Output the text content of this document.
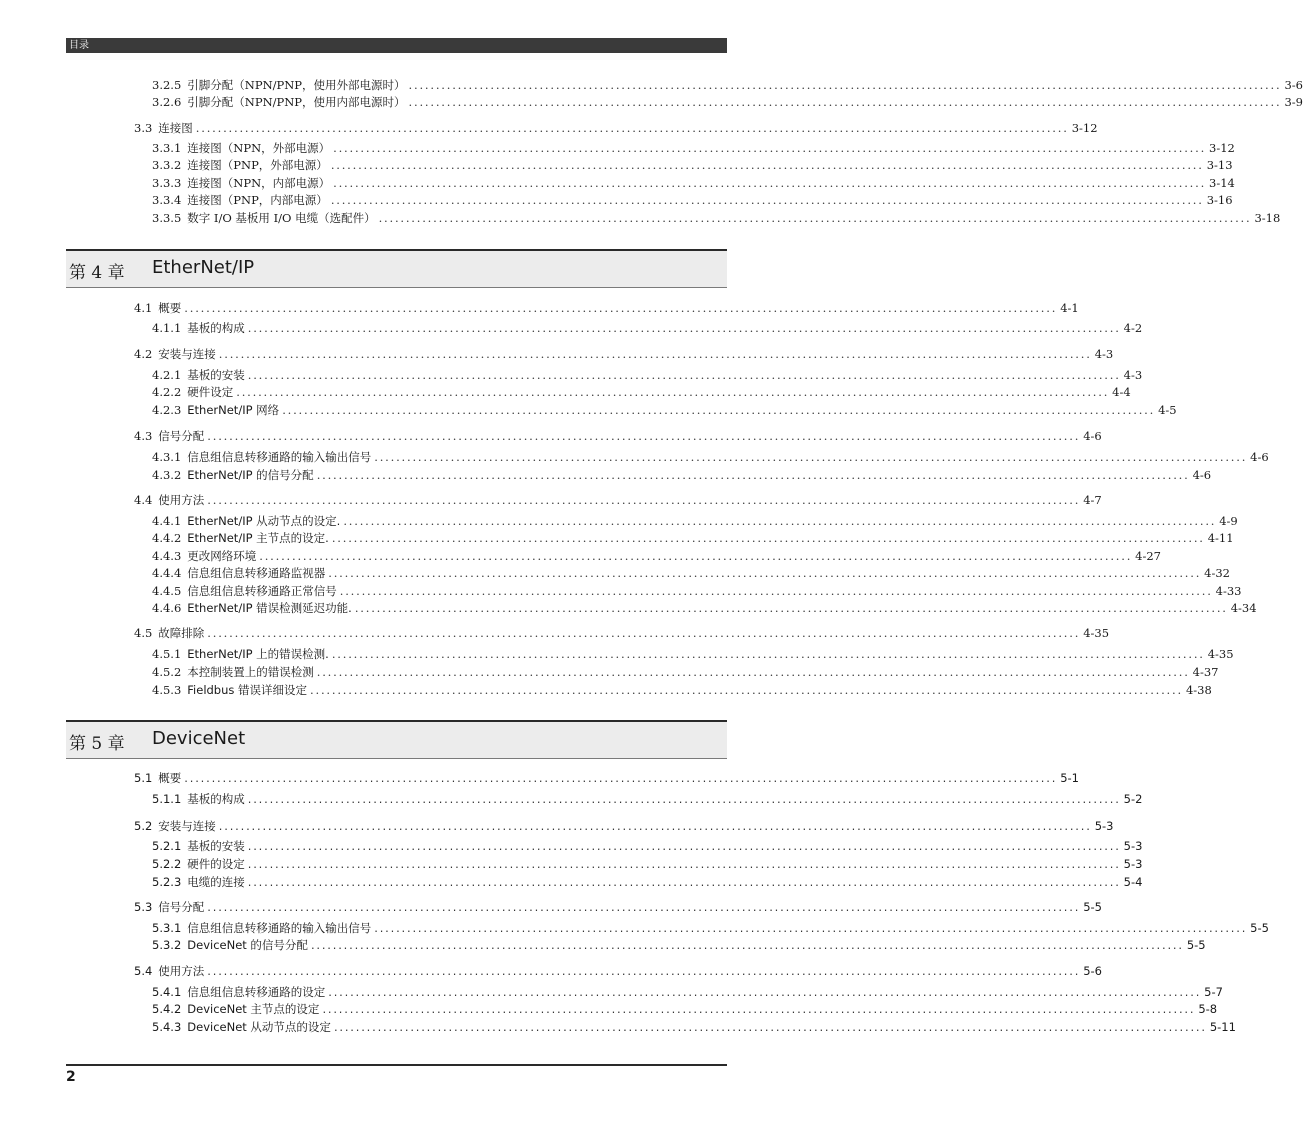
目录
3.2.5 引脚分配（NPN/PNP，使用外部电源时） ................................................................................................................................................................ 3-6
3.2.6 引脚分配（NPN/PNP，使用内部电源时） ................................................................................................................................................................ 3-9
3.3 连接图 ................................................................................................................................................................ 3-12
3.3.1 连接图（NPN，外部电源） ................................................................................................................................................................ 3-12
3.3.2 连接图（PNP，外部电源） ................................................................................................................................................................ 3-13
3.3.3 连接图（NPN，内部电源） ................................................................................................................................................................ 3-14
3.3.4 连接图（PNP，内部电源） ................................................................................................................................................................ 3-16
3.3.5 数字 I/O 基板用 I/O 电缆（选配件） ................................................................................................................................................................ 3-18
第 4 章 EtherNet/IP
4.1 概要 ................................................................................................................................................................ 4-1
4.1.1 基板的构成 ................................................................................................................................................................ 4-2
4.2 安装与连接 ................................................................................................................................................................ 4-3
4.2.1 基板的安装 ................................................................................................................................................................ 4-3
4.2.2 硬件设定 ................................................................................................................................................................ 4-4
4.2.3 EtherNet/IP 网络 ................................................................................................................................................................ 4-5
4.3 信号分配 ................................................................................................................................................................ 4-6
4.3.1 信息组信息转移通路的输入输出信号 ................................................................................................................................................................ 4-6
4.3.2 EtherNet/IP 的信号分配 ................................................................................................................................................................ 4-6
4.4 使用方法 ................................................................................................................................................................ 4-7
4.4.1 EtherNet/IP 从动节点的设定. ................................................................................................................................................................ 4-9
4.4.2 EtherNet/IP 主节点的设定. ................................................................................................................................................................ 4-11
4.4.3 更改网络环境 ................................................................................................................................................................ 4-27
4.4.4 信息组信息转移通路监视器 ................................................................................................................................................................ 4-32
4.4.5 信息组信息转移通路正常信号 ................................................................................................................................................................ 4-33
4.4.6 EtherNet/IP 错误检测延迟功能. ................................................................................................................................................................ 4-34
4.5 故障排除 ................................................................................................................................................................ 4-35
4.5.1 EtherNet/IP 上的错误检测. ................................................................................................................................................................ 4-35
4.5.2 本控制装置上的错误检测 ................................................................................................................................................................ 4-37
4.5.3 Fieldbus 错误详细设定 ................................................................................................................................................................ 4-38
第 5 章 DeviceNet
5.1 概要 ................................................................................................................................................................ 5-1
5.1.1 基板的构成 ................................................................................................................................................................ 5-2
5.2 安装与连接 ................................................................................................................................................................ 5-3
5.2.1 基板的安装 ................................................................................................................................................................ 5-3
5.2.2 硬件的设定 ................................................................................................................................................................ 5-3
5.2.3 电缆的连接 ................................................................................................................................................................ 5-4
5.3 信号分配 ................................................................................................................................................................ 5-5
5.3.1 信息组信息转移通路的输入输出信号 ................................................................................................................................................................ 5-5
5.3.2 DeviceNet 的信号分配 ................................................................................................................................................................ 5-5
5.4 使用方法 ................................................................................................................................................................ 5-6
5.4.1 信息组信息转移通路的设定 ................................................................................................................................................................ 5-7
5.4.2 DeviceNet 主节点的设定 ................................................................................................................................................................ 5-8
5.4.3 DeviceNet 从动节点的设定 ................................................................................................................................................................ 5-11
2
